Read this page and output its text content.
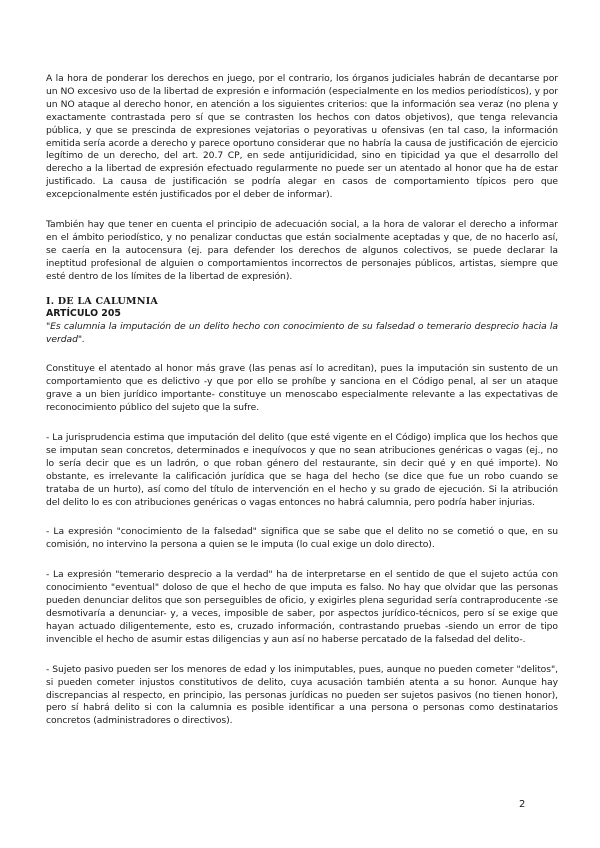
A la hora de ponderar los derechos en juego, por el contrario, los órganos judiciales habrán de decantarse por un NO excesivo uso de la libertad de expresión e información (especialmente en los medios periodísticos), y por un NO ataque al derecho honor, en atención a los siguientes criterios: que la información sea veraz (no plena y exactamente contrastada pero sí que se contrasten los hechos con datos objetivos), que tenga relevancia pública, y que se prescinda de expresiones vejatorias o peyorativas u ofensivas (en tal caso, la información emitida sería acorde a derecho y parece oportuno considerar que no habría la causa de justificación de ejercicio legítimo de un derecho, del art. 20.7 CP, en sede antijuridicidad, sino en tipicidad ya que el desarrollo del derecho a la libertad de expresión efectuado regularmente no puede ser un atentado al honor que ha de estar justificado. La causa de justificación se podría alegar en casos de comportamiento típicos pero que excepcionalmente estén justificados por el deber de informar).

También hay que tener en cuenta el principio de adecuación social, a la hora de valorar el derecho a informar en el ámbito periodístico, y no penalizar conductas que están socialmente aceptadas y que, de no hacerlo así, se caería en la autocensura (ej. para defender los derechos de algunos colectivos, se puede declarar la ineptitud profesional de alguien o comportamientos incorrectos de personajes públicos, artistas, siempre que esté dentro de los límites de la libertad de expresión).

I. DE LA CALUMNIA
ARTÍCULO 205

"Es calumnia la imputación de un delito hecho con conocimiento de su falsedad o temerario desprecio hacia la verdad".

Constituye el atentado al honor más grave (las penas así lo acreditan), pues la imputación sin sustento de un comportamiento que es delictivo -y que por ello se prohíbe y sanciona en el Código penal, al ser un ataque grave a un bien jurídico importante- constituye un menoscabo especialmente relevante a las expectativas de reconocimiento público del sujeto que la sufre.

- La jurisprudencia estima que imputación del delito (que esté vigente en el Código) implica que los hechos que se imputan sean concretos, determinados e inequívocos y que no sean atribuciones genéricas o vagas (ej., no lo sería decir que es un ladrón, o que roban género del restaurante, sin decir qué y en qué importe). No obstante, es irrelevante la calificación jurídica que se haga del hecho (se dice que fue un robo cuando se trataba de un hurto), así como del título de intervención en el hecho y su grado de ejecución. Si la atribución del delito lo es con atribuciones genéricas o vagas entonces no habrá calumnia, pero podría haber injurias.

- La expresión "conocimiento de la falsedad" significa que se sabe que el delito no se cometió o que, en su comisión, no intervino la persona a quien se le imputa (lo cual exige un dolo directo).

- La expresión "temerario desprecio a la verdad" ha de interpretarse en el sentido de que el sujeto actúa con conocimiento "eventual" doloso de que el hecho de que imputa es falso. No hay que olvidar que las personas pueden denunciar delitos que son perseguibles de oficio, y exigirles plena seguridad sería contraproducente -se desmotivaría a denunciar- y, a veces, imposible de saber, por aspectos jurídico-técnicos, pero sí se exige que hayan actuado diligentemente, esto es, cruzado información, contrastando pruebas -siendo un error de tipo invencible el hecho de asumir estas diligencias y aun así no haberse percatado de la falsedad del delito-.

- Sujeto pasivo pueden ser los menores de edad y los inimputables, pues, aunque no pueden cometer "delitos", si pueden cometer injustos constitutivos de delito, cuya acusación también atenta a su honor. Aunque hay discrepancias al respecto, en principio, las personas jurídicas no pueden ser sujetos pasivos (no tienen honor), pero sí habrá delito si con la calumnia es posible identificar a una persona o personas como destinatarios concretos (administradores o directivos).

2
